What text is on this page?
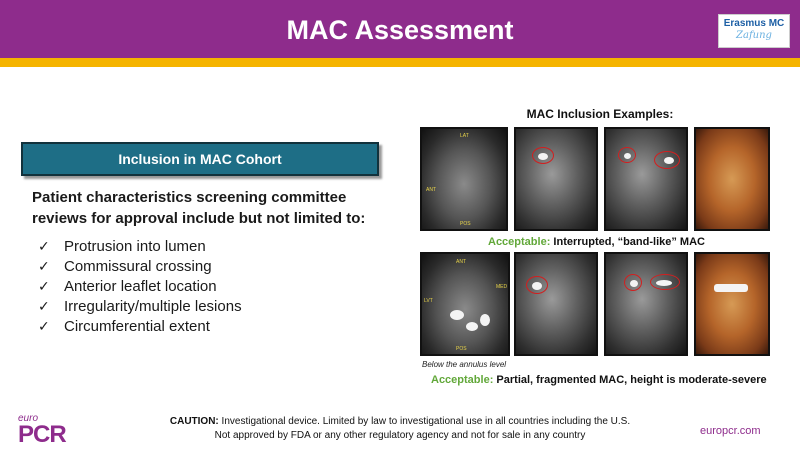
MAC Assessment	Erasmus MC
Zafung
Inclusion in MAC Cohort
Patient characteristics screening committee reviews for approval include but not limited to:
✓ Protrusion into lumen
✓ Commissural crossing
✓ Anterior leaflet location
✓ Irregularity/multiple lesions
✓ Circumferential extent
MAC Inclusion Examples:
LAT
ANT
POS
Acceptable: Interrupted, “band-like” MAC
ANT
LVT
MED
POS
Below the annulus level
Acceptable: Partial, fragmented MAC, height is moderate-severe
euro
PCR	CAUTION: Investigational device. Limited by law to investigational use in all countries including the U.S.
Not approved by FDA or any other regulatory agency and not for sale in any country	europcr.com
